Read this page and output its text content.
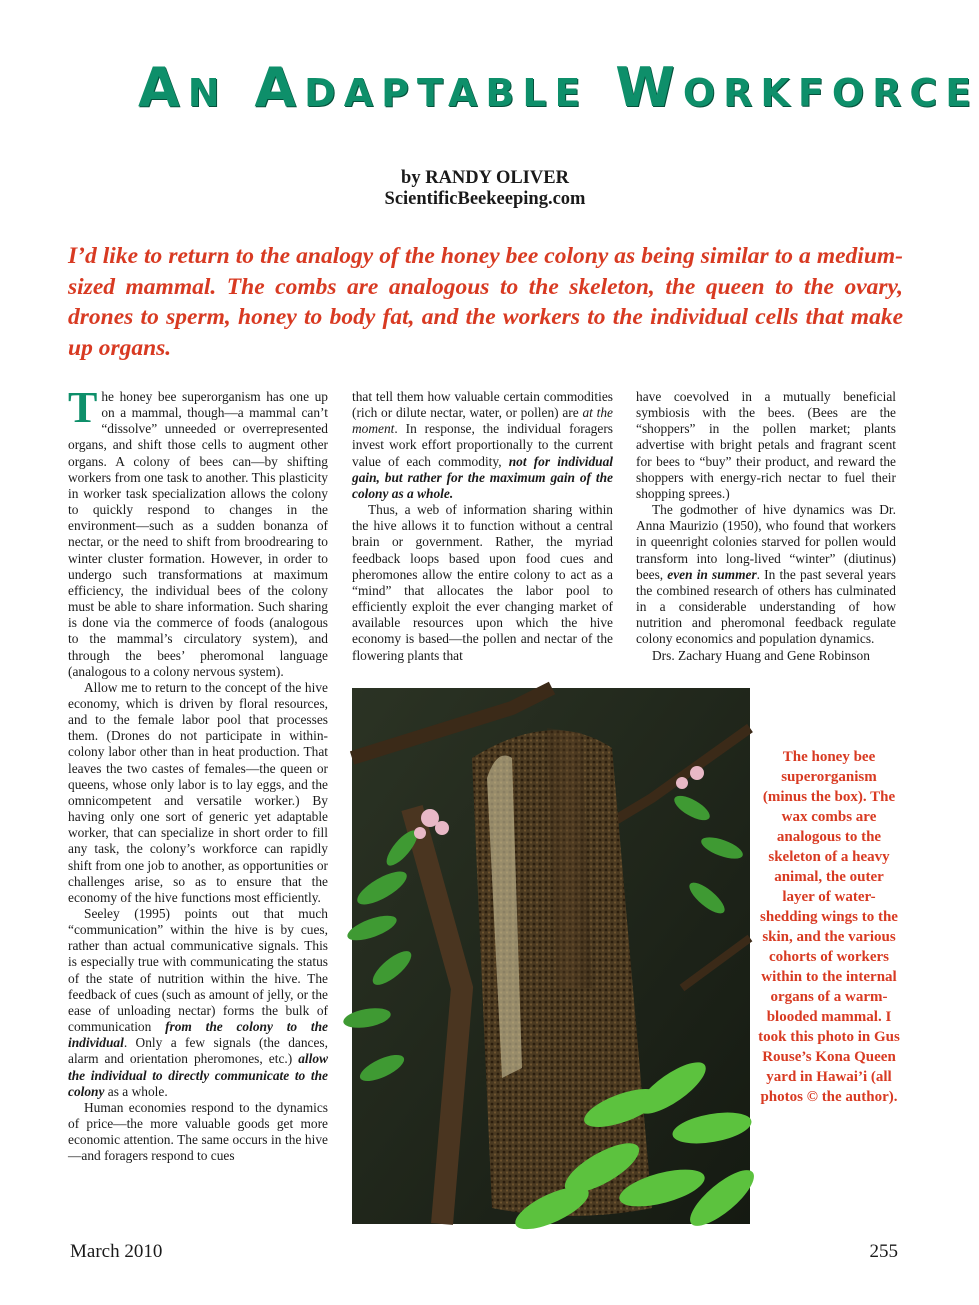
An Adaptable Workforce
by RANDY OLIVER
ScientificBeekeeping.com

I’d like to return to the analogy of the honey bee colony as being similar to a medium-sized mammal. The combs are analogous to the skeleton, the queen to the ovary, drones to sperm, honey to body fat, and the workers to the individual cells that make up organs.

The honey bee superorganism has one up on a mammal, though—a mammal can’t “dissolve” unneeded or overrepresented organs, and shift those cells to augment other organs. A colony of bees can—by shifting workers from one task to another. This plasticity in worker task specialization allows the colony to quickly respond to changes in the environment—such as a sudden bonanza of nectar, or the need to shift from broodrearing to winter cluster formation. However, in order to undergo such transformations at maximum efficiency, the individual bees of the colony must be able to share information. Such sharing is done via the commerce of foods (analogous to the mammal’s circulatory system), and through the bees’ pheromonal language (analogous to a colony nervous system).

Allow me to return to the concept of the hive economy, which is driven by floral resources, and to the female labor pool that processes them. (Drones do not participate in within-colony labor other than in heat production. That leaves the two castes of females—the queen or queens, whose only labor is to lay eggs, and the omnicompetent and versatile worker.) By having only one sort of generic yet adaptable worker, that can specialize in short order to fill any task, the colony’s workforce can rapidly shift from one job to another, as opportunities or challenges arise, so as to ensure that the economy of the hive functions most efficiently.

Seeley (1995) points out that much “communication” within the hive is by cues, rather than actual communicative signals. This is especially true with communicating the status of the state of nutrition within the hive. The feedback of cues (such as amount of jelly, or the ease of unloading nectar) forms the bulk of communication from the colony to the individual. Only a few signals (the dances, alarm and orientation pheromones, etc.) allow the individual to directly communicate to the colony as a whole.

Human economies respond to the dynamics of price—the more valuable goods get more economic attention. The same occurs in the hive—and foragers respond to cues

that tell them how valuable certain commodities (rich or dilute nectar, water, or pollen) are at the moment. In response, the individual foragers invest work effort proportionally to the current value of each commodity, not for individual gain, but rather for the maximum gain of the colony as a whole.

Thus, a web of information sharing within the hive allows it to function without a central brain or government. Rather, the myriad feedback loops based upon food cues and pheromones allow the entire colony to act as a “mind” that allocates the labor pool to efficiently exploit the ever changing market of available resources upon which the hive economy is based—the pollen and nectar of the flowering plants that

have coevolved in a mutually beneficial symbiosis with the bees. (Bees are the “shoppers” in the pollen market; plants advertise with bright petals and fragrant scent for bees to “buy” their product, and reward the shoppers with energy-rich nectar to fuel their shopping sprees.)

The godmother of hive dynamics was Dr. Anna Maurizio (1950), who found that workers in queenright colonies starved for pollen would transform into long-lived “winter” (diutinus) bees, even in summer. In the past several years the combined research of others has culminated in a considerable understanding of how nutrition and pheromonal feedback regulate colony economics and population dynamics.

Drs. Zachary Huang and Gene Robinson

The honey bee superorganism (minus the box). The wax combs are analogous to the skeleton of a heavy animal, the outer layer of water-shedding wings to the skin, and the various cohorts of workers within to the internal organs of a warm-blooded mammal. I took this photo in Gus Rouse’s Kona Queen yard in Hawai’i (all photos © the author).
March 2010	255
